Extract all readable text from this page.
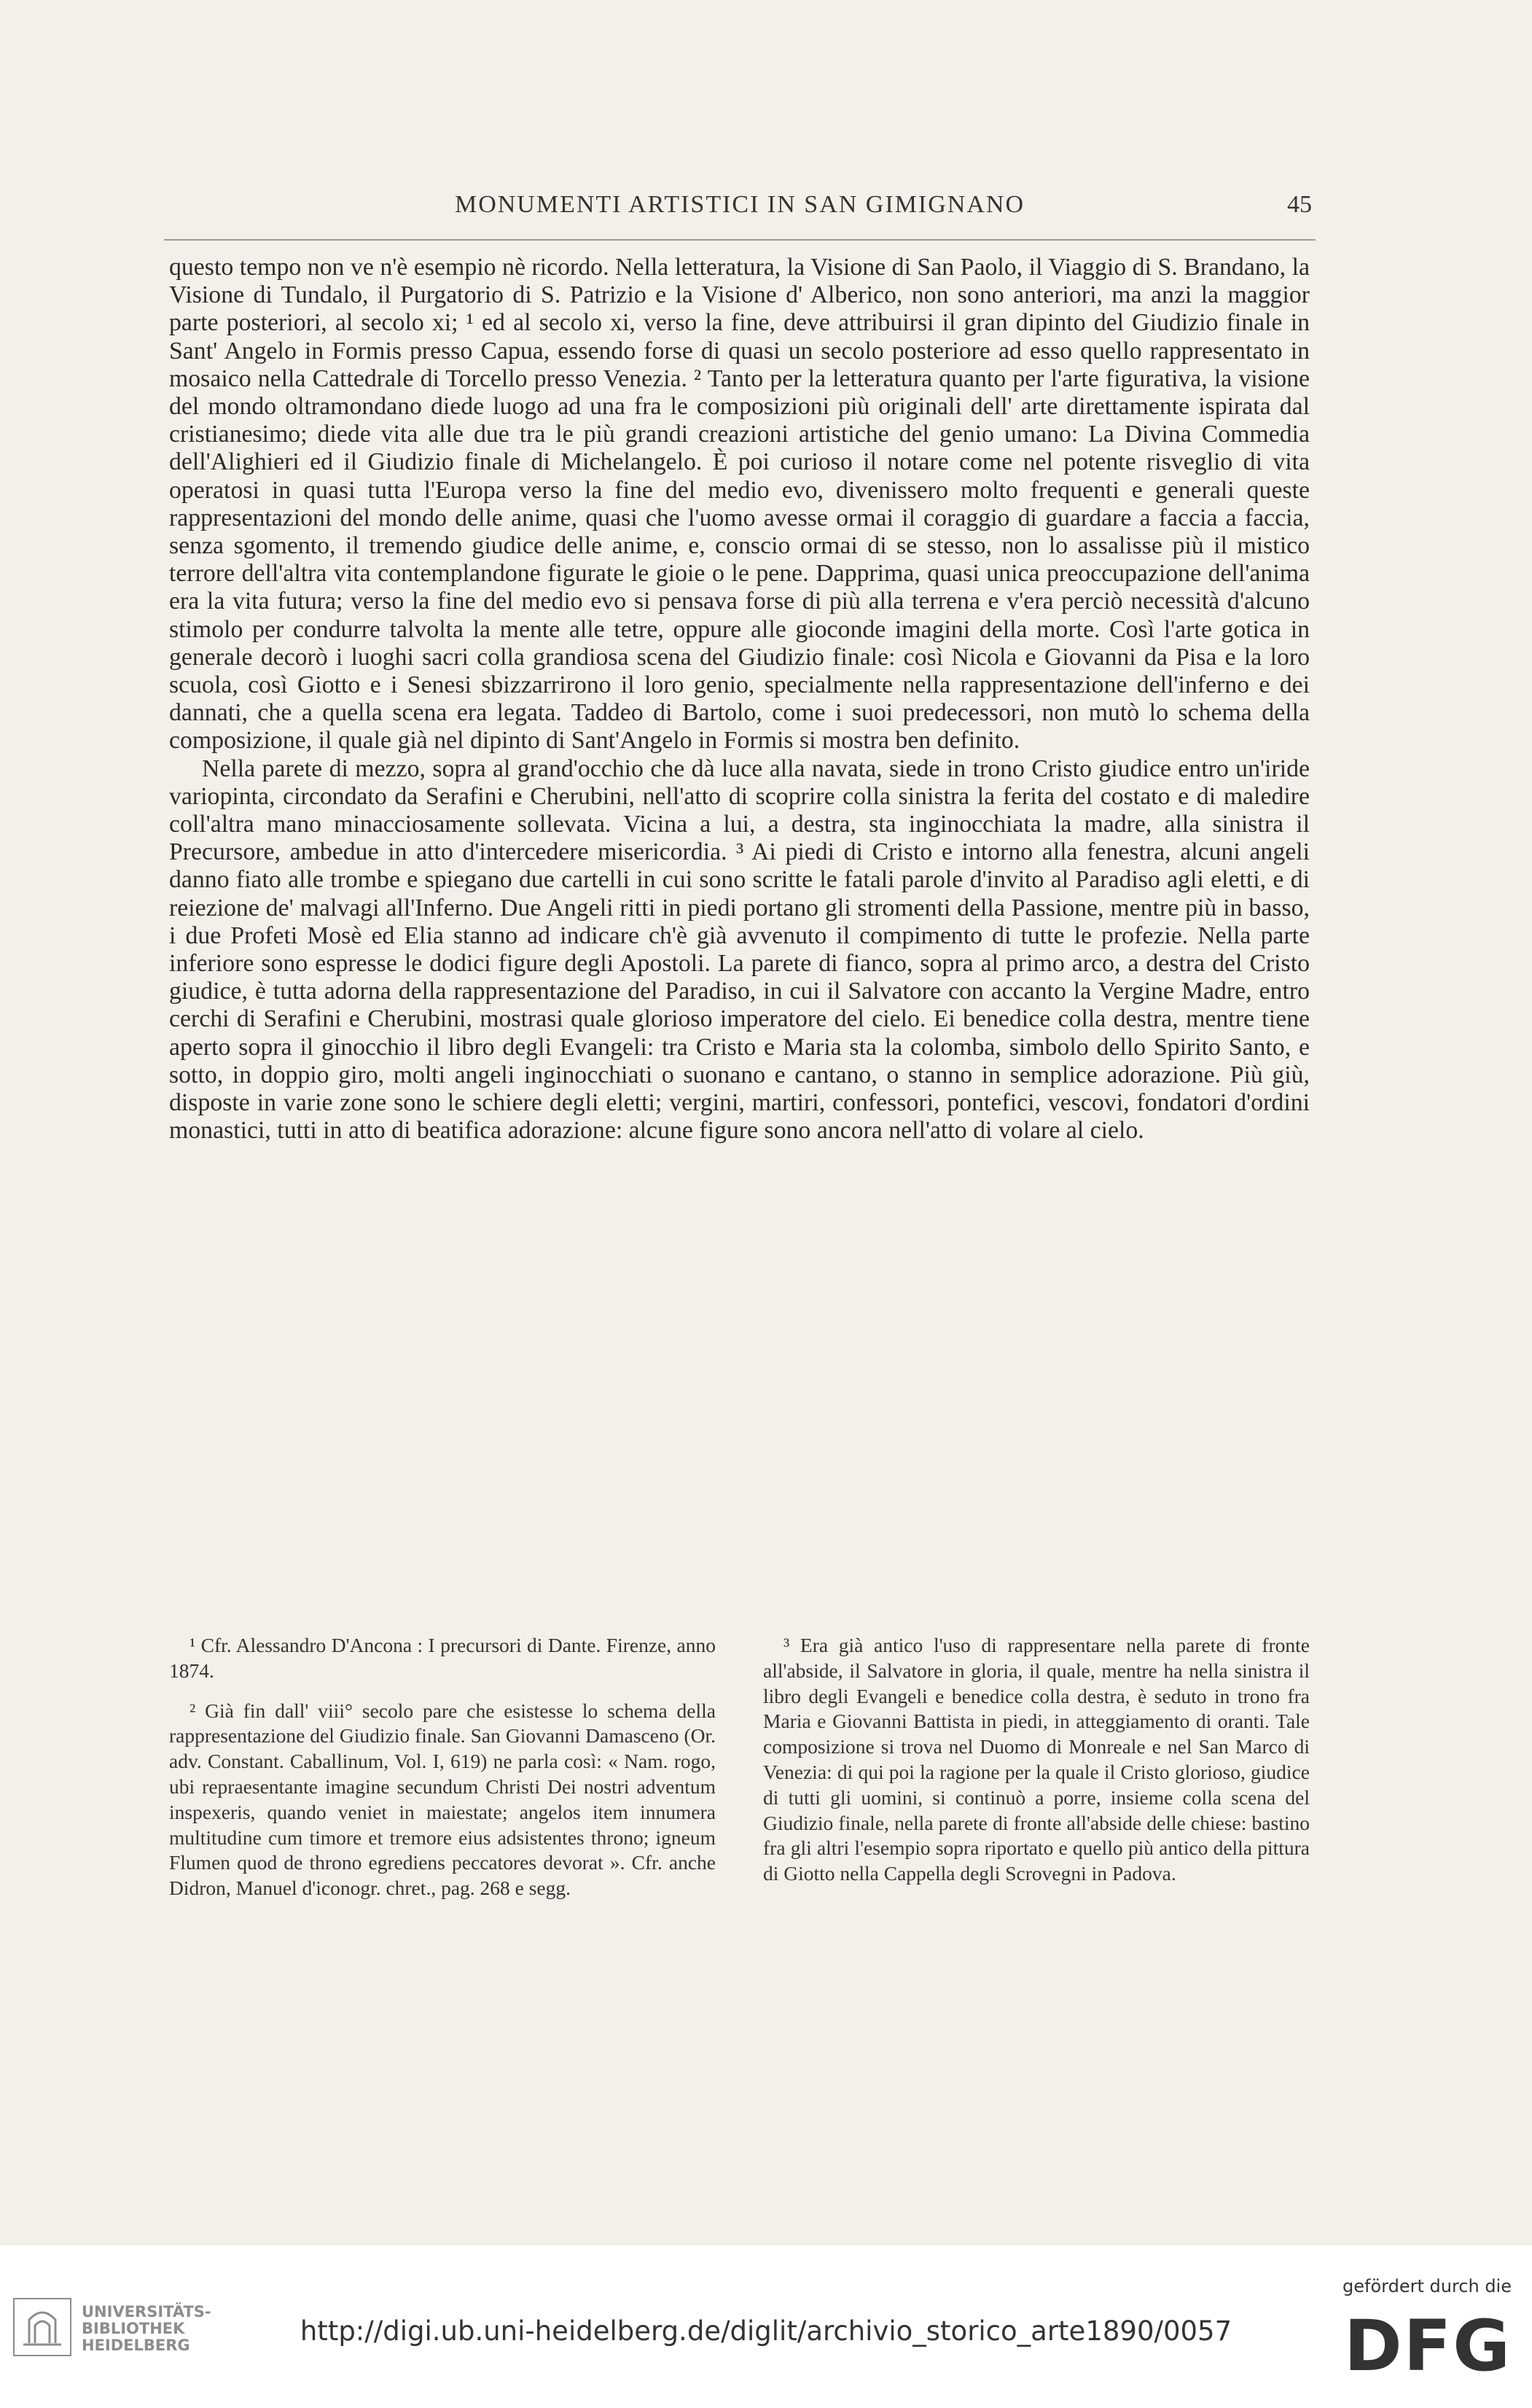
MONUMENTI ARTISTICI IN SAN GIMIGNANO	45

questo tempo non ve n'è esempio nè ricordo. Nella letteratura, la Visione di San Paolo, il Viaggio di S. Brandano, la Visione di Tundalo, il Purgatorio di S. Patrizio e la Visione d' Alberico, non sono anteriori, ma anzi la maggior parte posteriori, al secolo xi; ¹ ed al secolo xi, verso la fine, deve attribuirsi il gran dipinto del Giudizio finale in Sant' Angelo in Formis presso Capua, essendo forse di quasi un secolo posteriore ad esso quello rappresentato in mosaico nella Cattedrale di Torcello presso Venezia. ² Tanto per la letteratura quanto per l'arte figurativa, la visione del mondo oltramondano diede luogo ad una fra le composizioni più originali dell' arte direttamente ispirata dal cristianesimo; diede vita alle due tra le più grandi creazioni artistiche del genio umano: La Divina Commedia dell'Alighieri ed il Giudizio finale di Michelangelo. È poi curioso il notare come nel potente risveglio di vita operatosi in quasi tutta l'Europa verso la fine del medio evo, divenissero molto frequenti e generali queste rappresentazioni del mondo delle anime, quasi che l'uomo avesse ormai il coraggio di guardare a faccia a faccia, senza sgomento, il tremendo giudice delle anime, e, conscio ormai di se stesso, non lo assalisse più il mistico terrore dell'altra vita contemplandone figurate le gioie o le pene. Dapprima, quasi unica preoccupazione dell'anima era la vita futura; verso la fine del medio evo si pensava forse di più alla terrena e v'era perciò necessità d'alcuno stimolo per condurre talvolta la mente alle tetre, oppure alle gioconde imagini della morte. Così l'arte gotica in generale decorò i luoghi sacri colla grandiosa scena del Giudizio finale: così Nicola e Giovanni da Pisa e la loro scuola, così Giotto e i Senesi sbizzarrirono il loro genio, specialmente nella rappresentazione dell'inferno e dei dannati, che a quella scena era legata. Taddeo di Bartolo, come i suoi predecessori, non mutò lo schema della composizione, il quale già nel dipinto di Sant'Angelo in Formis si mostra ben definito.

Nella parete di mezzo, sopra al grand'occhio che dà luce alla navata, siede in trono Cristo giudice entro un'iride variopinta, circondato da Serafini e Cherubini, nell'atto di scoprire colla sinistra la ferita del costato e di maledire coll'altra mano minacciosamente sollevata. Vicina a lui, a destra, sta inginocchiata la madre, alla sinistra il Precursore, ambedue in atto d'intercedere misericordia. ³ Ai piedi di Cristo e intorno alla fenestra, alcuni angeli danno fiato alle trombe e spiegano due cartelli in cui sono scritte le fatali parole d'invito al Paradiso agli eletti, e di reiezione de' malvagi all'Inferno. Due Angeli ritti in piedi portano gli stromenti della Passione, mentre più in basso, i due Profeti Mosè ed Elia stanno ad indicare ch'è già avvenuto il compimento di tutte le profezie. Nella parte inferiore sono espresse le dodici figure degli Apostoli. La parete di fianco, sopra al primo arco, a destra del Cristo giudice, è tutta adorna della rappresentazione del Paradiso, in cui il Salvatore con accanto la Vergine Madre, entro cerchi di Serafini e Cherubini, mostrasi quale glorioso imperatore del cielo. Ei benedice colla destra, mentre tiene aperto sopra il ginocchio il libro degli Evangeli: tra Cristo e Maria sta la colomba, simbolo dello Spirito Santo, e sotto, in doppio giro, molti angeli inginocchiati o suonano e cantano, o stanno in semplice adorazione. Più giù, disposte in varie zone sono le schiere degli eletti; vergini, martiri, confessori, pontefici, vescovi, fondatori d'ordini monastici, tutti in atto di beatifica adorazione: alcune figure sono ancora nell'atto di volare al cielo.

¹ Cfr. Alessandro D'Ancona : I precursori di Dante. Firenze, anno 1874.

² Già fin dall' viii° secolo pare che esistesse lo schema della rappresentazione del Giudizio finale. San Giovanni Damasceno (Or. adv. Constant. Caballinum, Vol. I, 619) ne parla così: « Nam. rogo, ubi repraesentante imagine secundum Christi Dei nostri adventum inspexeris, quando veniet in maiestate; angelos item innumera multitudine cum timore et tremore eius adsistentes throno; igneum Flumen quod de throno egrediens peccatores devorat ». Cfr. anche Didron, Manuel d'iconogr. chret., pag. 268 e segg.

³ Era già antico l'uso di rappresentare nella parete di fronte all'abside, il Salvatore in gloria, il quale, mentre ha nella sinistra il libro degli Evangeli e benedice colla destra, è seduto in trono fra Maria e Giovanni Battista in piedi, in atteggiamento di oranti. Tale composizione si trova nel Duomo di Monreale e nel San Marco di Venezia: di qui poi la ragione per la quale il Cristo glorioso, giudice di tutti gli uomini, si continuò a porre, insieme colla scena del Giudizio finale, nella parete di fronte all'abside delle chiese: bastino fra gli altri l'esempio sopra riportato e quello più antico della pittura di Giotto nella Cappella degli Scrovegni in Padova.

UNIVERSITÄTS-
BIBLIOTHEK
HEIDELBERG	http://digi.ub.uni-heidelberg.de/diglit/archivio_storico_arte1890/0057
gefördert durch die
DFG
